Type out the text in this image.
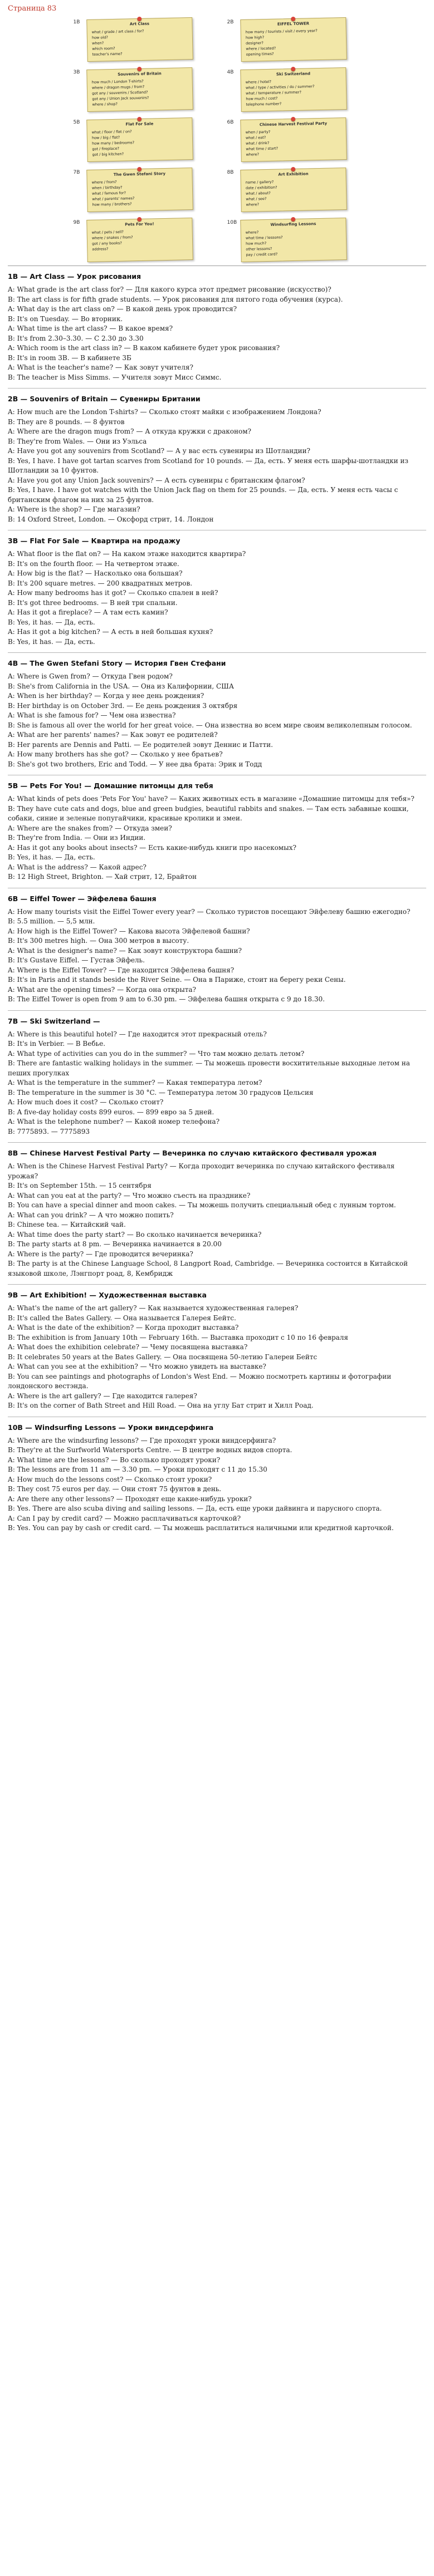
Страница 83
1B	Art Class
what / grade / art class / for?
how old?
when?
which room?
teacher's name?
2B	EIFFEL TOWER
how many / tourists / visit / every year?
how high?
designer?
where / located?
opening times?
3B	Souvenirs of Britain
how much / London T-shirts?
where / dragon mugs / from?
got any / souvenirs / Scotland?
got any / Union Jack souvenirs?
where / shop?
4B	Ski Switzerland
where / hotel?
what / type / activities / do / summer?
what / temperature / summer?
how much / cost?
telephone number?
5B	Flat For Sale
what / floor / flat / on?
how / big / flat?
how many / bedrooms?
got / fireplace?
got / big kitchen?
6B	Chinese Harvest Festival Party
when / party?
what / eat?
what / drink?
what time / start?
where?
7B	The Gwen Stefani Story
where / from?
when / birthday?
what / famous for?
what / parents' names?
how many / brothers?
8B	Art Exhibition
name / gallery?
date / exhibition?
what / about?
what / see?
where?
9B	Pets For You!
what / pets / sell?
where / snakes / from?
got / any books?
address?
10B	Windsurfing Lessons
where?
what time / lessons?
how much?
other lessons?
pay / credit card?
1B — Art Class — Урок рисования

A: What grade is the art class for? — Для какого курса этот предмет рисование (искусство)?

B: The art class is for fifth grade students. — Урок рисования для пятого года обучения (курса).

A: What day is the art class on? — В какой день урок проводится?

B: It's on Tuesday. — Во вторник.

A: What time is the art class? — В какое время?

B: It's from 2.30–3.30. — С 2.30 до 3.30

A: Which room is the art class in? — В каком кабинете будет урок рисования?

B: It's in room 3B. — В кабинете 3Б

A: What is the teacher's name? — Как зовут учителя?

B: The teacher is Miss Simms. — Учителя зовут Мисс Симмс.

2B — Souvenirs of Britain — Сувениры Британии

A: How much are the London T-shirts? — Сколько стоят майки с изображением Лондона?

B: They are 8 pounds. — 8 фунтов

A: Where are the dragon mugs from? — А откуда кружки с драконом?

B: They're from Wales. — Они из Уэльса

A: Have you got any souvenirs from Scotland? — А у вас есть сувениры из Шотландии?

B: Yes, I have. I have got tartan scarves from Scotland for 10 pounds. — Да, есть. У меня есть шарфы-шотландки из Шотландии за 10 фунтов.

A: Have you got any Union Jack souvenirs? — А есть сувениры с британским флагом?

B: Yes, I have. I have got watches with the Union Jack flag on them for 25 pounds. — Да, есть. У меня есть часы с британским флагом на них за 25 фунтов.

A: Where is the shop? — Где магазин?

B: 14 Oxford Street, London. — Оксфорд стрит, 14. Лондон

3B — Flat For Sale — Квартира на продажу

A: What floor is the flat on? — На каком этаже находится квартира?

B: It's on the fourth floor. — На четвертом этаже.

A: How big is the flat? — Насколько она большая?

B: It's 200 square metres. — 200 квадратных метров.

A: How many bedrooms has it got? — Сколько спален в ней?

B: It's got three bedrooms. — В ней три спальни.

A: Has it got a fireplace? — А там есть камин?

B: Yes, it has. — Да, есть.

A: Has it got a big kitchen? — А есть в ней большая кухня?

B: Yes, it has. — Да, есть.

4B — The Gwen Stefani Story — История Гвен Стефани

A: Where is Gwen from? — Откуда Гвен родом?

B: She's from California in the USA. — Она из Калифорнии, США

A: When is her birthday? — Когда у нее день рождения?

B: Her birthday is on October 3rd. — Ее день рождения 3 октября

A: What is she famous for? — Чем она известна?

B: She is famous all over the world for her great voice. — Она известна во всем мире своим великолепным голосом.

A: What are her parents' names? — Как зовут ее родителей?

B: Her parents are Dennis and Patti. — Ее родителей зовут Деннис и Патти.

A: How many brothers has she got? — Сколько у нее братьев?

B: She's got two brothers, Eric and Todd. — У нее два брата: Эрик и Тодд

5B — Pets For You! — Домашние питомцы для тебя

A: What kinds of pets does 'Pets For You' have? — Каких животных есть в магазине «Домашние питомцы для тебя»?

B: They have cute cats and dogs, blue and green budgies, beautiful rabbits and snakes. — Там есть забавные кошки, собаки, синие и зеленые попугайчики, красивые кролики и змеи.

A: Where are the snakes from? — Откуда змеи?

B: They're from India. — Они из Индии.

A: Has it got any books about insects? — Есть какие-нибудь книги про насекомых?

B: Yes, it has. — Да, есть.

A: What is the address? — Какой адрес?

B: 12 High Street, Brighton. — Хай стрит, 12, Брайтон

6B — Eiffel Tower — Эйфелева башня

A: How many tourists visit the Eiffel Tower every year? — Сколько туристов посещают Эйфелеву башню ежегодно?

B: 5.5 million. — 5,5 млн.

A: How high is the Eiffel Tower? — Какова высота Эйфелевой башни?

B: It's 300 metres high. — Она 300 метров в высоту.

A: What is the designer's name? — Как зовут конструктора башни?

B: It's Gustave Eiffel. — Густав Эйфель.

A: Where is the Eiffel Tower? — Где находится Эйфелева башня?

B: It's in Paris and it stands beside the River Seine. — Она в Париже, стоит на берегу реки Сены.

A: What are the opening times? — Когда она открыта?

B: The Eiffel Tower is open from 9 am to 6.30 pm. — Эйфелева башня открыта с 9 до 18.30.

7B — Ski Switzerland —

A: Where is this beautiful hotel? — Где находится этот прекрасный отель?

B: It's in Verbier. — В Вебье.

A: What type of activities can you do in the summer? — Что там можно делать летом?

B: There are fantastic walking holidays in the summer. — Ты можешь провести восхитительные выходные летом на пеших прогулках

A: What is the temperature in the summer? — Какая температура летом?

B: The temperature in the summer is 30 °C. — Температура летом 30 градусов Цельсия

A: How much does it cost? — Сколько стоит?

B: A five-day holiday costs 899 euros. — 899 евро за 5 дней.

A: What is the telephone number? — Какой номер телефона?

B: 7775893. — 7775893

8B — Chinese Harvest Festival Party — Вечеринка по случаю китайского фестиваля урожая

A: When is the Chinese Harvest Festival Party? — Когда проходит вечеринка по случаю китайского фестиваля урожая?

B: It's on September 15th. — 15 сентября

A: What can you eat at the party? — Что можно съесть на празднике?

B: You can have a special dinner and moon cakes. — Ты можешь получить специальный обед с лунным тортом.

A: What can you drink? — А что можно попить?

B: Chinese tea. — Китайский чай.

A: What time does the party start? — Во сколько начинается вечеринка?

B: The party starts at 8 pm. — Вечеринка начинается в 20.00

A: Where is the party? — Где проводится вечеринка?

B: The party is at the Chinese Language School, 8 Langport Road, Cambridge. — Вечеринка состоится в Китайской языковой школе, Лэнгпорт роад, 8, Кембридж

9B — Art Exhibition! — Художественная выставка

A: What's the name of the art gallery? — Как называется художественная галерея?

B: It's called the Bates Gallery. — Она называется Галерея Бейтс.

A: What is the date of the exhibition? — Когда проходит выставка?

B: The exhibition is from January 10th — February 16th. — Выставка проходит с 10 по 16 февраля

A: What does the exhibition celebrate? — Чему посвящена выставка?

B: It celebrates 50 years at the Bates Gallery. — Она посвящена 50-летию Галереи Бейтс

A: What can you see at the exhibition? — Что можно увидеть на выставке?

B: You can see paintings and photographs of London's West End. — Можно посмотреть картины и фотографии лондонского вестэнда.

A: Where is the art gallery? — Где находится галерея?

B: It's on the corner of Bath Street and Hill Road. — Она на углу Бат стрит и Хилл Роад.

10B — Windsurfing Lessons — Уроки виндсерфинга

A: Where are the windsurfing lessons? — Где проходят уроки виндсерфинга?

B: They're at the Surfworld Watersports Centre. — В центре водных видов спорта.

A: What time are the lessons? — Во сколько проходят уроки?

B: The lessons are from 11 am — 3.30 pm. — Уроки проходят с 11 до 15.30

A: How much do the lessons cost? — Сколько стоят уроки?

B: They cost 75 euros per day. — Они стоят 75 фунтов в день.

A: Are there any other lessons? — Проходят еще какие-нибудь уроки?

B: Yes. There are also scuba diving and sailing lessons. — Да, есть еще уроки дайвинга и парусного спорта.

A: Can I pay by credit card? — Можно расплачиваться карточкой?

B: Yes. You can pay by cash or credit card. — Ты можешь расплатиться наличными или кредитной карточкой.
